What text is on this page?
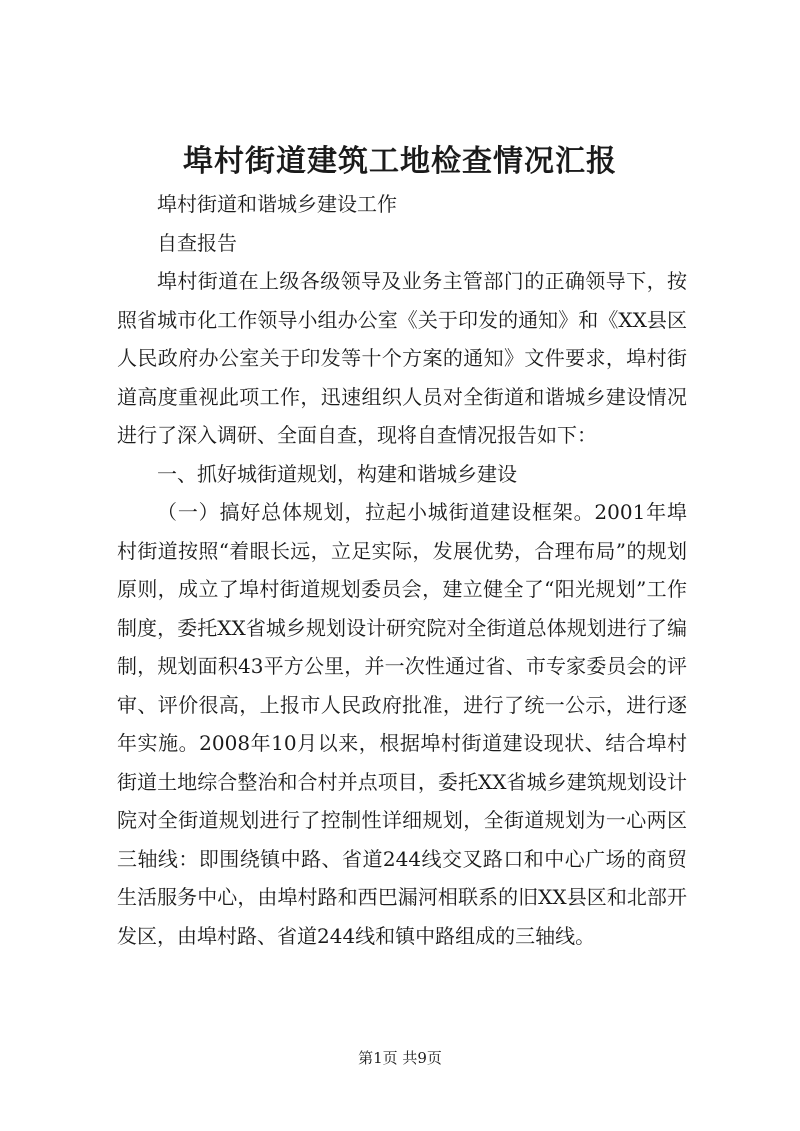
埠村街道建筑工地检查情况汇报

埠村街道和谐城乡建设工作

自查报告

埠村街道在上级各级领导及业务主管部门的正确领导下，按照省城市化工作领导小组办公室《关于印发的通知》和《XX县区人民政府办公室关于印发等十个方案的通知》文件要求，埠村街道高度重视此项工作，迅速组织人员对全街道和谐城乡建设情况进行了深入调研、全面自查，现将自查情况报告如下：

一、抓好城街道规划，构建和谐城乡建设

（一）搞好总体规划，拉起小城街道建设框架。2001年埠村街道按照“着眼长远，立足实际，发展优势，合理布局”的规划原则，成立了埠村街道规划委员会，建立健全了“阳光规划”工作制度，委托XX省城乡规划设计研究院对全街道总体规划进行了编制，规划面积43平方公里，并一次性通过省、市专家委员会的评审、评价很高，上报市人民政府批准，进行了统一公示，进行逐年实施。2008年10月以来，根据埠村街道建设现状、结合埠村街道土地综合整治和合村并点项目，委托XX省城乡建筑规划设计院对全街道规划进行了控制性详细规划，全街道规划为一心两区三轴线：即围绕镇中路、省道244线交叉路口和中心广场的商贸生活服务中心，由埠村路和西巴漏河相联系的旧XX县区和北部开发区，由埠村路、省道244线和镇中路组成的三轴线。

第1页 共9页
